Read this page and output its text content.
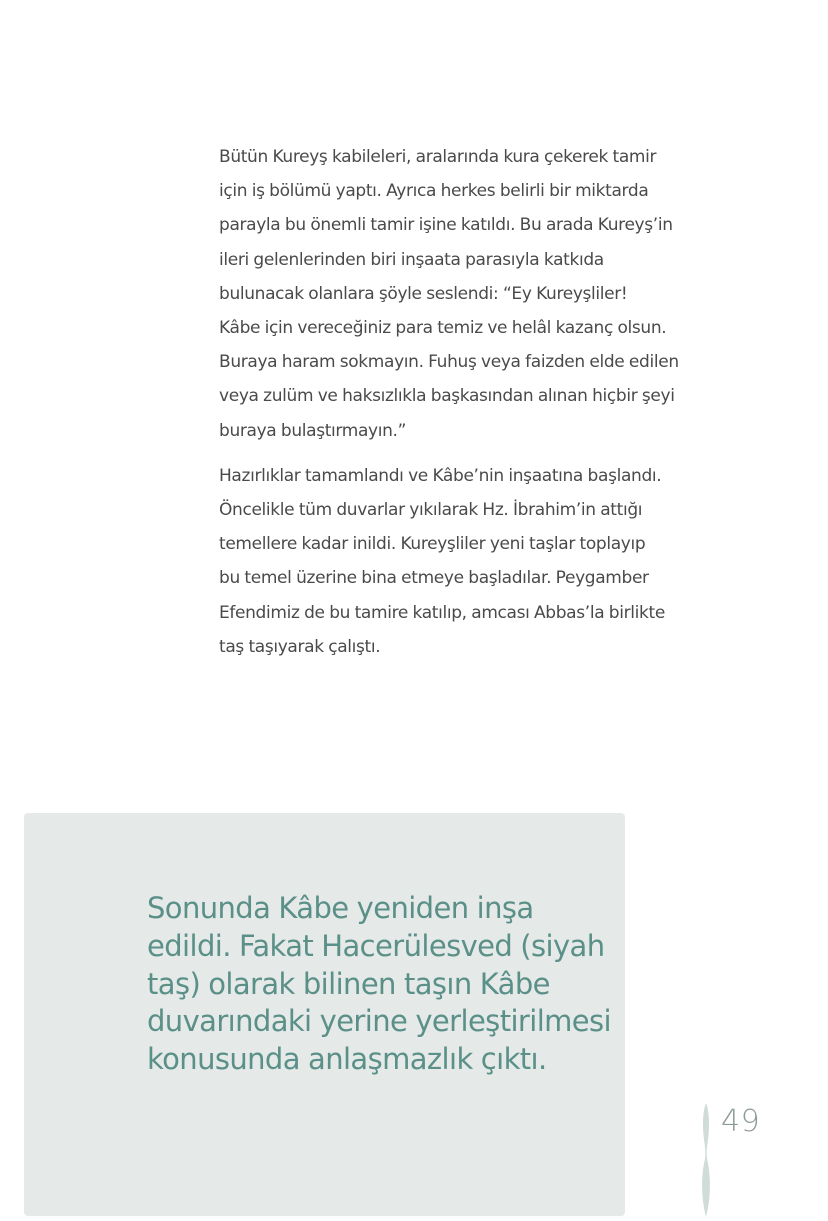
Bütün Kureyş kabileleri, aralarında kura çekerek tamir
için iş bölümü yaptı. Ayrıca herkes belirli bir miktarda
parayla bu önemli tamir işine katıldı. Bu arada Kureyş’in
ileri gelenlerinden biri inşaata parasıyla katkıda
bulunacak olanlara şöyle seslendi: “Ey Kureyşliler!
Kâbe için vereceğiniz para temiz ve helâl kazanç olsun.
Buraya haram sokmayın. Fuhuş veya faizden elde edilen
veya zulüm ve haksızlıkla başkasından alınan hiçbir şeyi
buraya bulaştırmayın.”

Hazırlıklar tamamlandı ve Kâbe’nin inşaatına başlandı.
Öncelikle tüm duvarlar yıkılarak Hz. İbrahim’in attığı
temellere kadar inildi. Kureyşliler yeni taşlar toplayıp
bu temel üzerine bina etmeye başladılar. Peygamber
Efendimiz de bu tamire katılıp, amcası Abbas’la birlikte
taş taşıyarak çalıştı.

Sonunda Kâbe yeniden inşa
edildi. Fakat Hacerülesved (siyah
taş) olarak bilinen taşın Kâbe
duvarındaki yerine yerleştirilmesi
konusunda anlaşmazlık çıktı.
49
